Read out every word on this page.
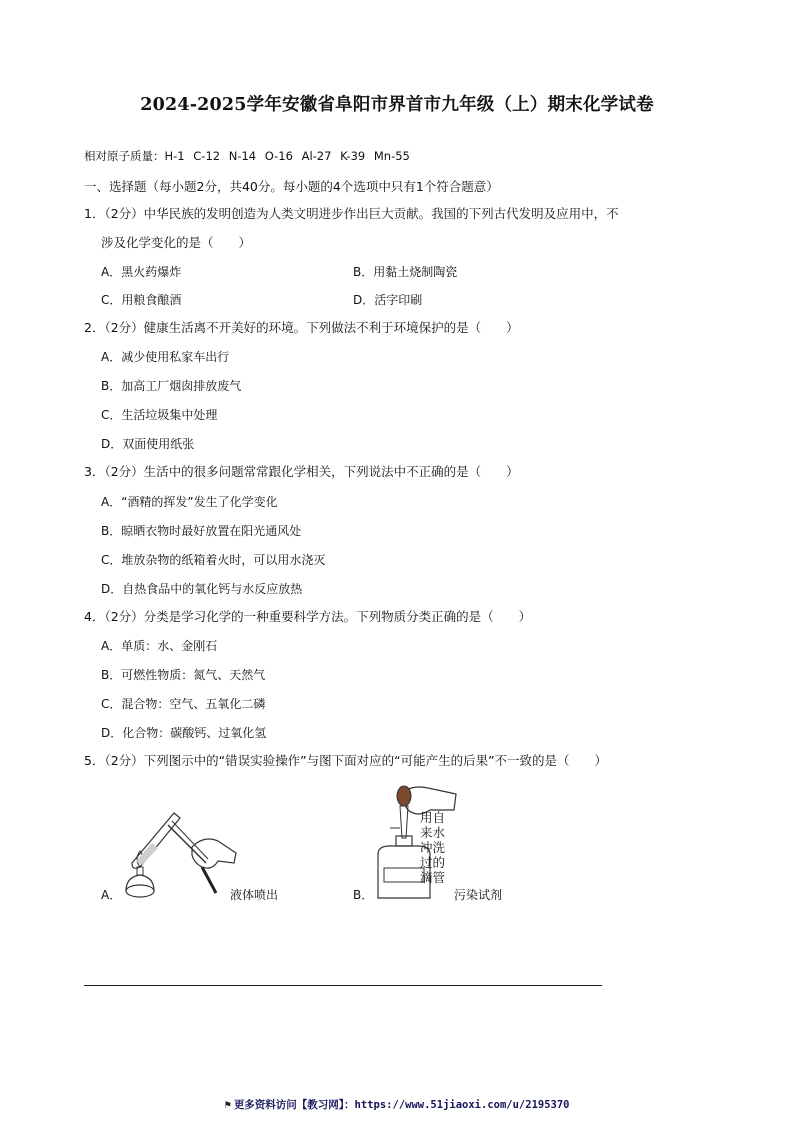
2024-2025学年安徽省阜阳市界首市九年级（上）期末化学试卷
相对原子质量：H-1 C-12 N-14 O-16 Al-27 K-39 Mn-55
一、选择题（每小题2分，共40分。每小题的4个选项中只有1个符合题意）
1．（2分）中华民族的发明创造为人类文明进步作出巨大贡献。我国的下列古代发明及应用中，不
涉及化学变化的是（　　）
A．黑火药爆炸	B．用黏土烧制陶瓷
C．用粮食酿酒	D．活字印刷
2．（2分）健康生活离不开美好的环境。下列做法不利于环境保护的是（　　）
A．减少使用私家车出行
B．加高工厂烟囱排放废气
C．生活垃圾集中处理
D．双面使用纸张
3．（2分）生活中的很多问题常常跟化学相关，下列说法中不正确的是（　　）
A．“酒精的挥发”发生了化学变化
B．晾晒衣物时最好放置在阳光通风处
C．堆放杂物的纸箱着火时，可以用水浇灭
D．自热食品中的氧化钙与水反应放热
4．（2分）分类是学习化学的一种重要科学方法。下列物质分类正确的是（　　）
A．单质：水、金刚石
B．可燃性物质：氮气、天然气
C．混合物：空气、五氧化二磷
D．化合物：碳酸钙、过氧化氢
5．（2分）下列图示中的“错误实验操作”与图下面对应的“可能产生的后果”不一致的是（　　）
A．	液体喷出	B．
用自
来水
冲洗
过的
滴管
污染试剂
⚑ 更多资料访问【教习网】：https://www.51jiaoxi.com/u/2195370
